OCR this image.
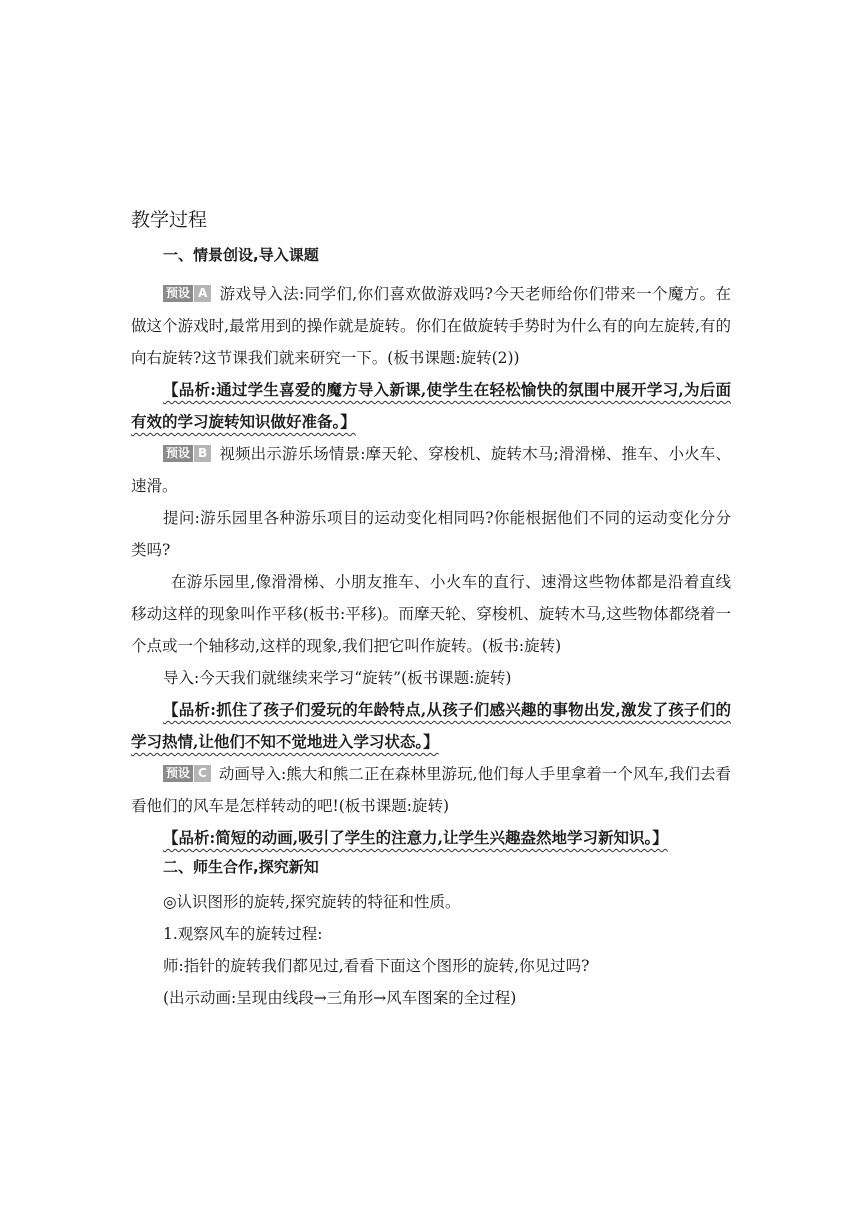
教学过程
一、情景创设,导入课题

预设 A 游戏导入法:同学们,你们喜欢做游戏吗?今天老师给你们带来一个魔方。在做这个游戏时,最常用到的操作就是旋转。你们在做旋转手势时为什么有的向左旋转,有的向右旋转?这节课我们就来研究一下。(板书课题:旋转(2))

【品析:通过学生喜爱的魔方导入新课,使学生在轻松愉快的氛围中展开学习,为后面有效的学习旋转知识做好准备。】

预设 B 视频出示游乐场情景:摩天轮、穿梭机、旋转木马;滑滑梯、推车、小火车、速滑。

提问:游乐园里各种游乐项目的运动变化相同吗?你能根据他们不同的运动变化分分类吗?

在游乐园里,像滑滑梯、小朋友推车、小火车的直行、速滑这些物体都是沿着直线移动这样的现象叫作平移(板书:平移)。而摩天轮、穿梭机、旋转木马,这些物体都绕着一个点或一个轴移动,这样的现象,我们把它叫作旋转。(板书:旋转)

导入:今天我们就继续来学习“旋转”(板书课题:旋转)

【品析:抓住了孩子们爱玩的年龄特点,从孩子们感兴趣的事物出发,激发了孩子们的学习热情,让他们不知不觉地进入学习状态。】

预设 C 动画导入:熊大和熊二正在森林里游玩,他们每人手里拿着一个风车,我们去看看他们的风车是怎样转动的吧!(板书课题:旋转)

【品析:简短的动画,吸引了学生的注意力,让学生兴趣盎然地学习新知识。】

二、师生合作,探究新知

◎认识图形的旋转,探究旋转的特征和性质。

1.观察风车的旋转过程:

师:指针的旋转我们都见过,看看下面这个图形的旋转,你见过吗?

(出示动画:呈现由线段→三角形→风车图案的全过程)
